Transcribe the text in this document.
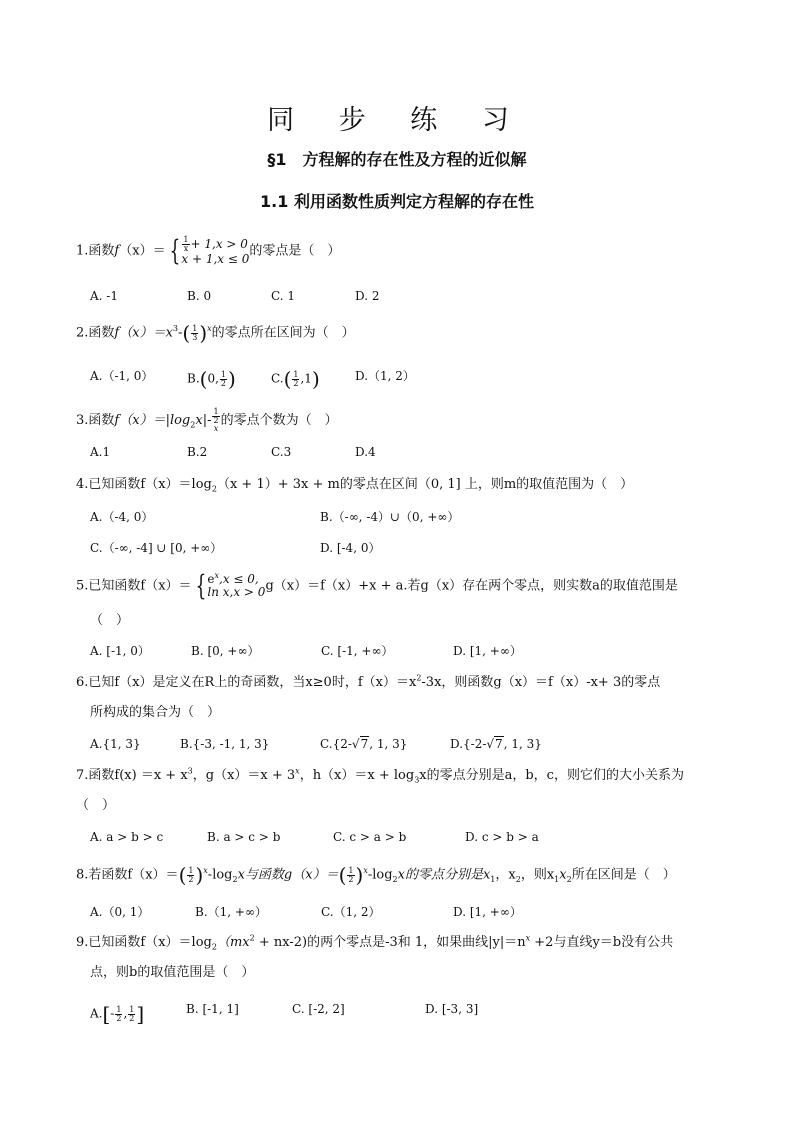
同 步 练 习
§1　方程解的存在性及方程的近似解
1.1 利用函数性质判定方程解的存在性
1.函数f（x）＝ { $\frac{1}{x} + 1,x > 0$
x + 1,x ≤ 0
的零点是（　）
A. -1	B. 0	C. 1	D. 2
2.函数$f(x)=x^3-( \frac{1}{3} )^x$的零点所在区间为（　）
A.（-1, 0）	B.(0, $\frac{1}{2}$ )	$C.( \frac{1}{2} ,1)$	D.（1, 2）
3.函数$f(x)=|\log_2x|-$ 1
2
x 的零点个数为（　）
A.1	B.2	C.3	D.4
4.已知函数$f(x)=\log_2(x + 1)+ 3x + m$的零点在区间（0, 1] 上，则m的取值范围为（　）
A.（-4, 0）	B.（-∞, -4）∪（0, +∞）
C.（-∞, -4] ∪ [0, +∞）	D. [-4, 0）
5.已知函数f（x）＝ { $e^x,x \le 0$,
ln x,x > 0 g（x）＝f（x）+x + a.若g（x）存在两个零点，则实数a的取值范围是
（　）
A. [-1, 0）	B. [0, +∞）	C. [-1, +∞）	D. [1, +∞）
6.已知f（x）是定义在R上的奇函数，当x≥0时，$f(x)=x^2-3x$，则函数g（x）＝f（x）-x+ 3的零点
所构成的集合为（　）
A.{1, 3}	B.{-3, -1, 1, 3}	C.{2-√7, 1, 3}	D.{-2-√7, 1, 3}
7.函数$f(x) =x + x^3$，$g(x)=x + 3^x$，$h(x)=x + \log_3x$的零点分别是a，b，c，则它们的大小关系为
（　）
A. a > b > c	B. a > c > b	C. c > a > b	D. c > b > a
8.若函数$f(x)=( \frac{1}{2} )^x-\log_2x$与函数$g(x)=( \frac{1}{2} )^x-\log_2x$的零点分别是$x_1$，$x_2$，则$x_1x_2$所在区间是（　）
A.（0, 1）	B.（1, +∞）	C.（1, 2）	D. [1, +∞）
9.已知函数$f(x)=\log_2(mx^2 + nx-2)$的两个零点是-3和 1，如果曲线$|y|=n^x +2$与直线y＝b没有公共
点，则b的取值范围是（　）
$A.[- \frac{1}{2}$ , $\frac{1}{2}$ ]	B. [-1, 1]	C. [-2, 2]	D. [-3, 3]
